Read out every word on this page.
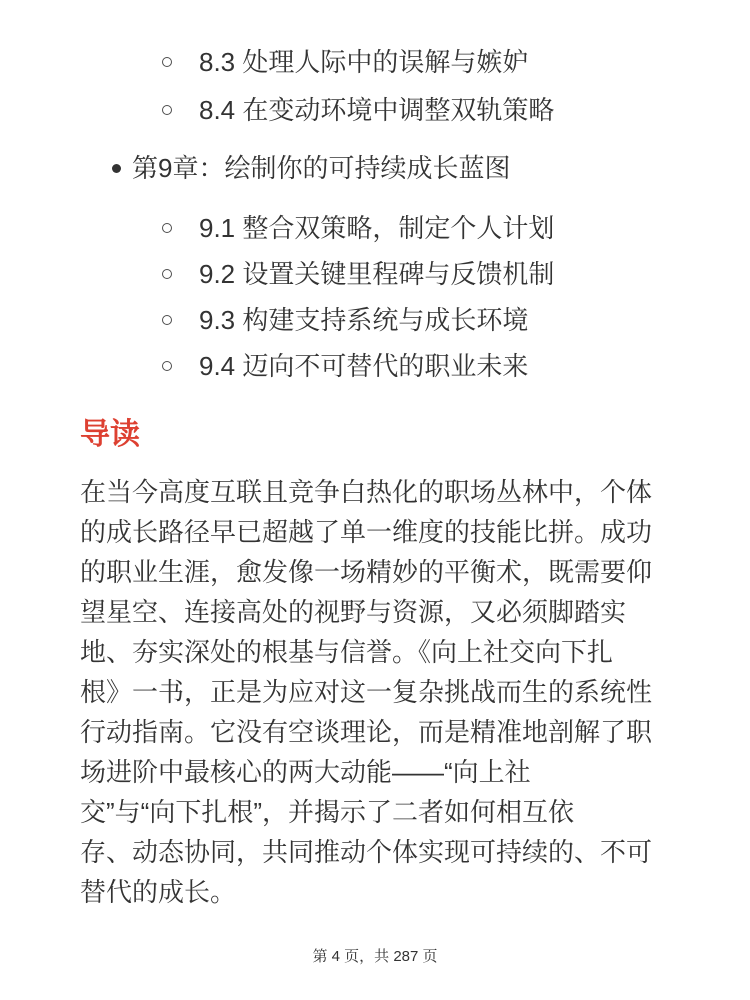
8.3 处理人际中的误解与嫉妒
8.4 在变动环境中调整双轨策略
第9章：绘制你的可持续成长蓝图
9.1 整合双策略，制定个人计划
9.2 设置关键里程碑与反馈机制
9.3 构建支持系统与成长环境
9.4 迈向不可替代的职业未来
导读
在当今高度互联且竞争白热化的职场丛林中，个体
的成长路径早已超越了单一维度的技能比拼。成功
的职业生涯，愈发像一场精妙的平衡术，既需要仰
望星空、连接高处的视野与资源，又必须脚踏实
地、夯实深处的根基与信誉。《向上社交向下扎
根》一书，正是为应对这一复杂挑战而生的系统性
行动指南。它没有空谈理论，而是精准地剖解了职
场进阶中最核心的两大动能——“向上社
交”与“向下扎根”，并揭示了二者如何相互依
存、动态协同，共同推动个体实现可持续的、不可
替代的成长。
第 4 页，共 287 页
